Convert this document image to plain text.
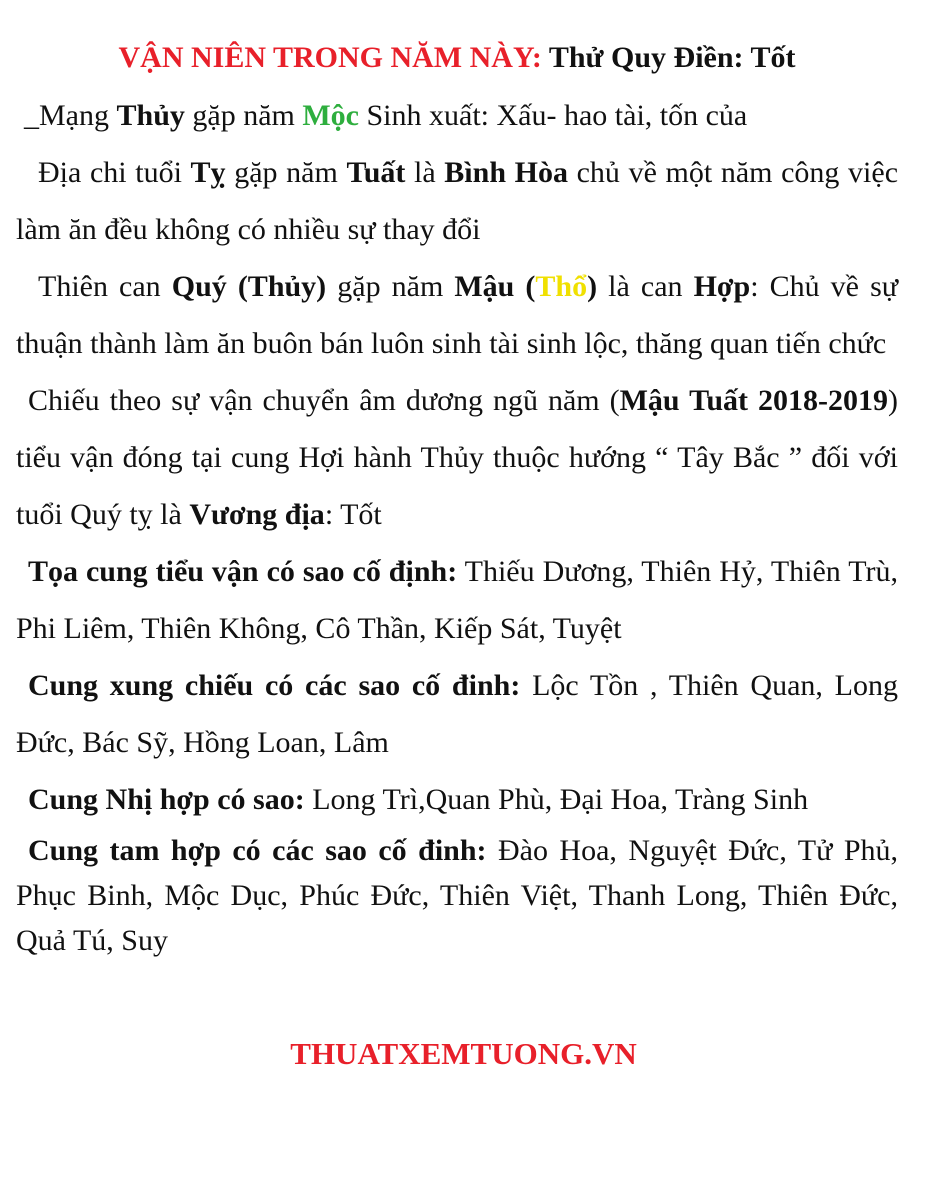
VẬN NIÊN TRONG NĂM NÀY: Thử Quy Điền: Tốt

_Mạng Thủy gặp năm Mộc Sinh xuất: Xấu- hao tài, tốn của

Địa chi tuổi Tỵ gặp năm Tuất là Bình Hòa chủ về một năm công việc làm ăn đều không có nhiều sự thay đổi

Thiên can Quý (Thủy) gặp năm Mậu (Thổ) là can Hợp: Chủ về sự thuận thành làm ăn buôn bán luôn sinh tài sinh lộc, thăng quan tiến chức

Chiếu theo sự vận chuyển âm dương ngũ năm (Mậu Tuất 2018-2019) tiểu vận đóng tại cung Hợi hành Thủy thuộc hướng “ Tây Bắc ” đối với tuổi Quý tỵ là Vương địa: Tốt

Tọa cung tiểu vận có sao cố định: Thiếu Dương, Thiên Hỷ, Thiên Trù, Phi Liêm, Thiên Không, Cô Thần, Kiếp Sát, Tuyệt

Cung xung chiếu có các sao cố đinh: Lộc Tồn , Thiên Quan, Long Đức, Bác Sỹ, Hồng Loan, Lâm

Cung Nhị hợp có sao: Long Trì,Quan Phù, Đại Hoa, Tràng Sinh

Cung tam hợp có các sao cố đinh: Đào Hoa, Nguyệt Đức, Tử Phủ, Phục Binh, Mộc Dục, Phúc Đức, Thiên Việt, Thanh Long, Thiên Đức, Quả Tú, Suy

THUATXEMTUONG.VN
